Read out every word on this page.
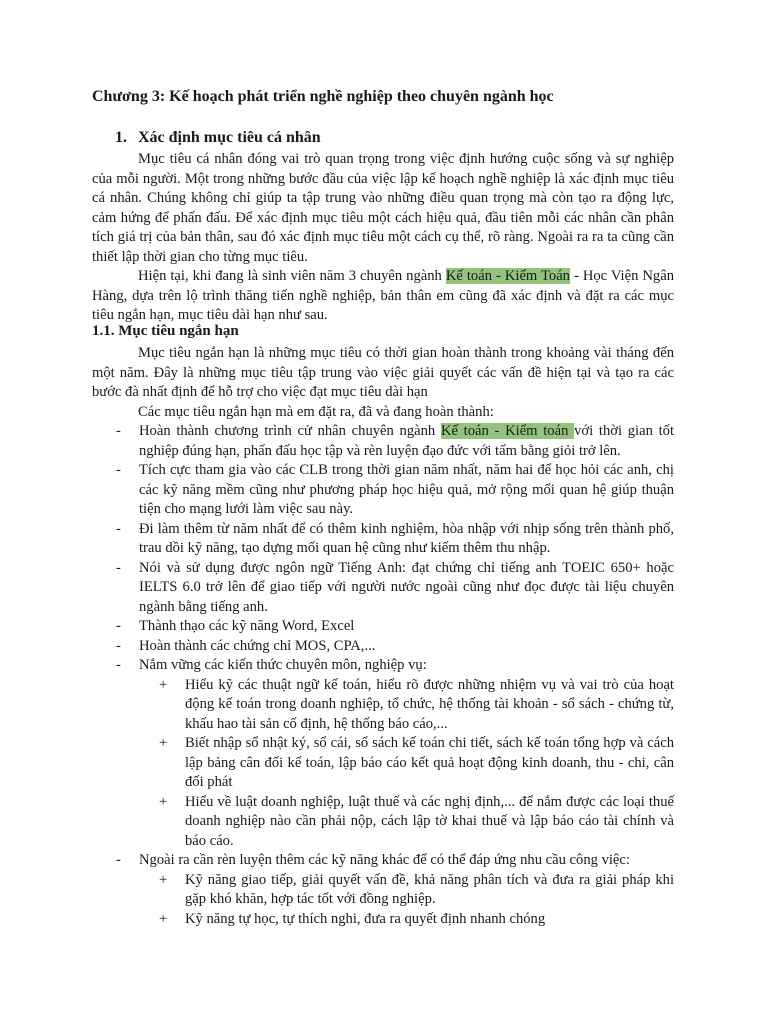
Chương 3: Kế hoạch phát triển nghề nghiệp theo chuyên ngành học
1. Xác định mục tiêu cá nhân

Mục tiêu cá nhân đóng vai trò quan trọng trong việc định hướng cuộc sống và sự nghiệp của mỗi người. Một trong những bước đầu của việc lập kế hoạch nghề nghiệp là xác định mục tiêu cá nhân. Chúng không chỉ giúp ta tập trung vào những điều quan trọng mà còn tạo ra động lực, cảm hứng để phấn đấu. Để xác định mục tiêu một cách hiệu quả, đầu tiên mỗi các nhân cần phân tích giá trị của bản thân, sau đó xác định mục tiêu một cách cụ thể, rõ ràng. Ngoài ra ra ta cũng cần thiết lập thời gian cho từng mục tiêu.

Hiện tại, khi đang là sinh viên năm 3 chuyên ngành Kế toán - Kiểm Toán - Học Viện Ngân Hàng, dựa trên lộ trình thăng tiến nghề nghiệp, bản thân em cũng đã xác định và đặt ra các mục tiêu ngắn hạn, mục tiêu dài hạn như sau.

1.1. Mục tiêu ngắn hạn

Mục tiêu ngắn hạn là những mục tiêu có thời gian hoàn thành trong khoảng vài tháng đến một năm. Đây là những mục tiêu tập trung vào việc giải quyết các vấn đề hiện tại và tạo ra các bước đà nhất định để hỗ trợ cho việc đạt mục tiêu dài hạn

Các mục tiêu ngắn hạn mà em đặt ra, đã và đang hoàn thành:

- Hoàn thành chương trình cử nhân chuyên ngành Kế toán - Kiểm toán với thời gian tốt nghiệp đúng hạn, phấn đấu học tập và rèn luyện đạo đức với tấm bằng giỏi trở lên.
- Tích cực tham gia vào các CLB trong thời gian năm nhất, năm hai để học hỏi các anh, chị các kỹ năng mềm cũng như phương pháp học hiệu quả, mở rộng mối quan hệ giúp thuận tiện cho mạng lưới làm việc sau này.
- Đi làm thêm từ năm nhất để có thêm kinh nghiệm, hòa nhập với nhịp sống trên thành phố, trau dồi kỹ năng, tạo dựng mối quan hệ cũng như kiếm thêm thu nhập.
- Nói và sử dụng được ngôn ngữ Tiếng Anh: đạt chứng chỉ tiếng anh TOEIC 650+ hoặc IELTS 6.0 trở lên để giao tiếp với người nước ngoài cũng như đọc được tài liệu chuyên ngành bằng tiếng anh.
- Thành thạo các kỹ năng Word, Excel
- Hoàn thành các chứng chỉ MOS, CPA,...
- Nắm vững các kiến thức chuyên môn, nghiệp vụ:
+ Hiểu kỹ các thuật ngữ kế toán, hiểu rõ được những nhiệm vụ và vai trò của hoạt động kế toán trong doanh nghiệp, tổ chức, hệ thống tài khoản - sổ sách - chứng từ, khấu hao tài sản cố định, hệ thống báo cáo,...
+ Biết nhập sổ nhật ký, sổ cái, sổ sách kế toán chi tiết, sách kế toán tổng hợp và cách lập bảng cân đối kế toán, lập báo cáo kết quả hoạt động kinh doanh, thu - chi, cân đối phát
+ Hiểu về luật doanh nghiệp, luật thuế và các nghị định,... để nắm được các loại thuế doanh nghiệp nào cần phải nộp, cách lập tờ khai thuế và lập báo cáo tài chính và báo cáo.
- Ngoài ra cần rèn luyện thêm các kỹ năng khác để có thể đáp ứng nhu cầu công việc:
+ Kỹ năng giao tiếp, giải quyết vấn đề, khả năng phân tích và đưa ra giải pháp khi gặp khó khăn, hợp tác tốt với đồng nghiệp.
+ Kỹ năng tự học, tự thích nghi, đưa ra quyết định nhanh chóng
